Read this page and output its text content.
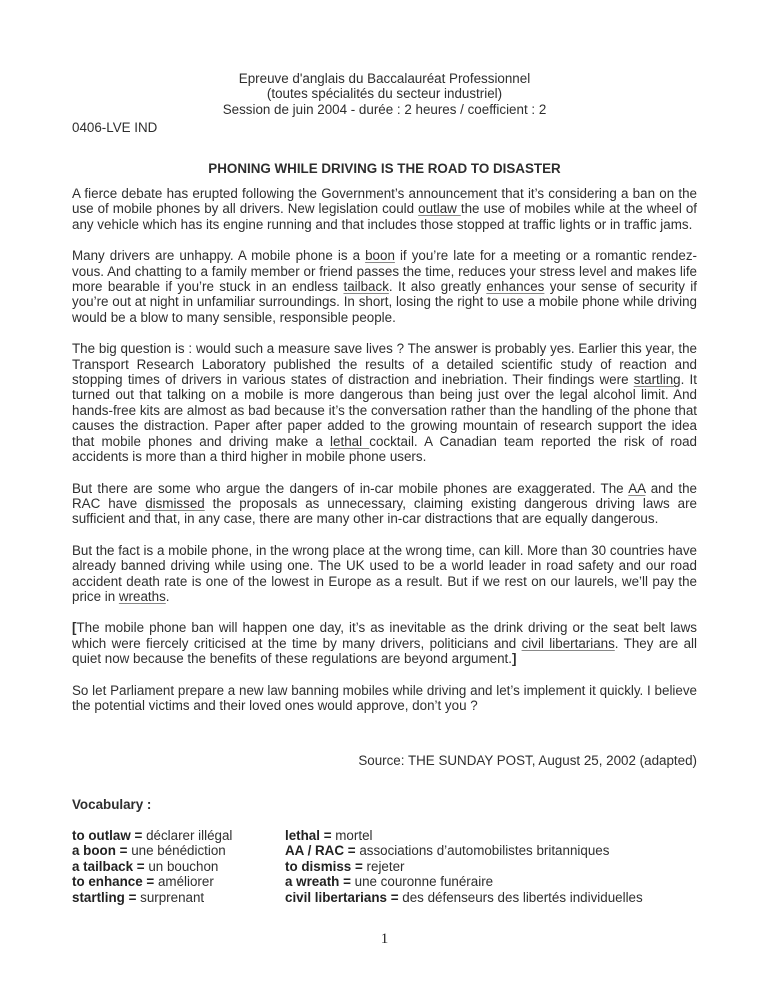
Epreuve d'anglais du Baccalauréat Professionnel
(toutes spécialités du secteur industriel)
Session de juin 2004 - durée : 2 heures / coefficient : 2
0406-LVE IND
PHONING WHILE DRIVING IS THE ROAD TO DISASTER

A fierce debate has erupted following the Government’s announcement that it’s considering a ban on the use of mobile phones by all drivers. New legislation could outlaw the use of mobiles while at the wheel of any vehicle which has its engine running and that includes those stopped at traffic lights or in traffic jams.

Many drivers are unhappy. A mobile phone is a boon if you’re late for a meeting or a romantic rendez-vous. And chatting to a family member or friend passes the time, reduces your stress level and makes life more bearable if you’re stuck in an endless tailback. It also greatly enhances your sense of security if you’re out at night in unfamiliar surroundings. In short, losing the right to use a mobile phone while driving would be a blow to many sensible, responsible people.

The big question is : would such a measure save lives ? The answer is probably yes. Earlier this year, the Transport Research Laboratory published the results of a detailed scientific study of reaction and stopping times of drivers in various states of distraction and inebriation. Their findings were startling. It turned out that talking on a mobile is more dangerous than being just over the legal alcohol limit. And hands-free kits are almost as bad because it’s the conversation rather than the handling of the phone that causes the distraction. Paper after paper added to the growing mountain of research support the idea that mobile phones and driving make a lethal cocktail. A Canadian team reported the risk of road accidents is more than a third higher in mobile phone users.

But there are some who argue the dangers of in-car mobile phones are exaggerated. The AA and the RAC have dismissed the proposals as unnecessary, claiming existing dangerous driving laws are sufficient and that, in any case, there are many other in-car distractions that are equally dangerous.

But the fact is a mobile phone, in the wrong place at the wrong time, can kill. More than 30 countries have already banned driving while using one. The UK used to be a world leader in road safety and our road accident death rate is one of the lowest in Europe as a result. But if we rest on our laurels, we’ll pay the price in wreaths.

[The mobile phone ban will happen one day, it’s as inevitable as the drink driving or the seat belt laws which were fiercely criticised at the time by many drivers, politicians and civil libertarians. They are all quiet now because the benefits of these regulations are beyond argument.]

So let Parliament prepare a new law banning mobiles while driving and let’s implement it quickly. I believe the potential victims and their loved ones would approve, don’t you ?

Source: THE SUNDAY POST, August 25, 2002 (adapted)
Vocabulary :
to outlaw = déclarer illégal
a boon = une bénédiction
a tailback = un bouchon
to enhance = améliorer
startling = surprenant
lethal = mortel
AA / RAC = associations d’automobilistes britanniques
to dismiss = rejeter
a wreath = une couronne funéraire
civil libertarians = des défenseurs des libertés individuelles
1
